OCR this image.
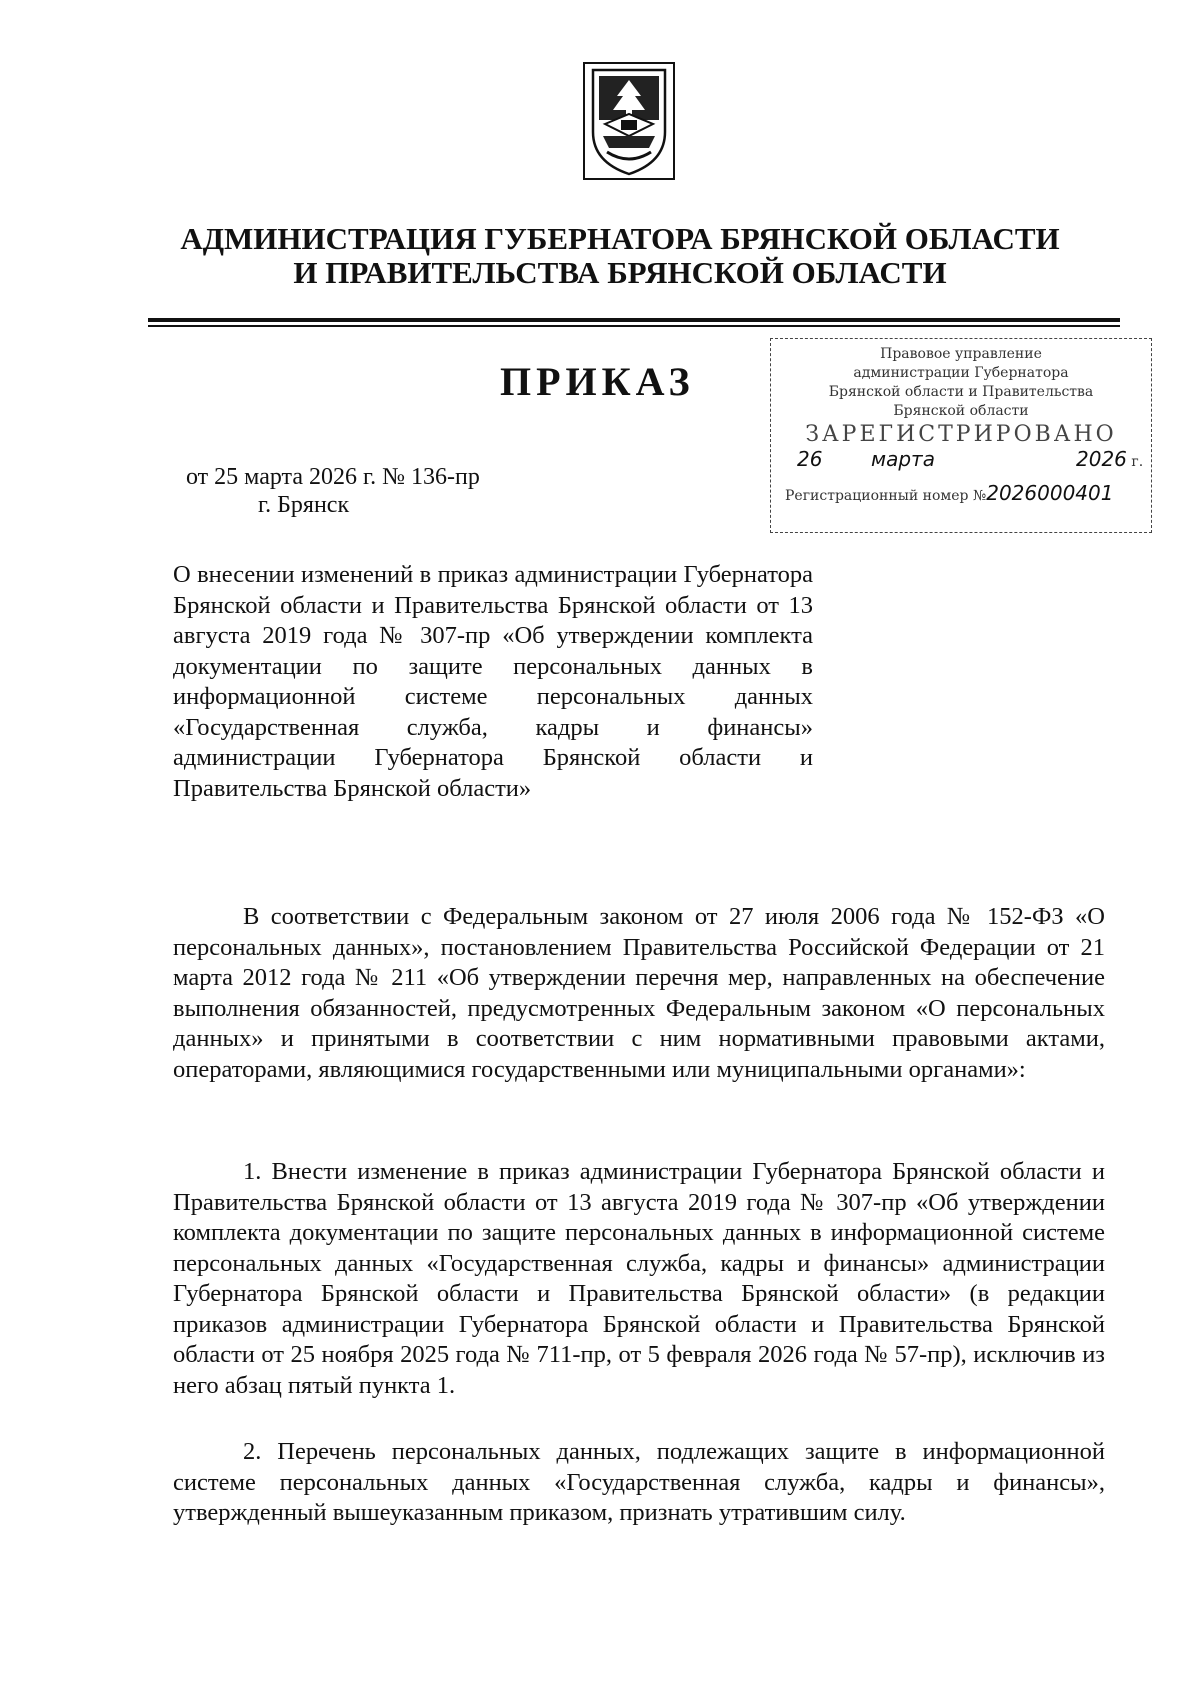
АДМИНИСТРАЦИЯ ГУБЕРНАТОРА БРЯНСКОЙ ОБЛАСТИ
И ПРАВИТЕЛЬСТВА БРЯНСКОЙ ОБЛАСТИ
ПРИКАЗ
Правовое управление
администрации Губернатора
Брянской области и Правительства
Брянской области
ЗАРЕГИСТРИРОВАНО
26 марта	2026 г.
Регистрационный номер №2026000401
от 25 марта 2026 г. № 136-пр
г. Брянск
О внесении изменений в приказ администрации Губернатора Брянской области и Правительства Брянской области от 13 августа 2019 года № 307-пр «Об утверждении комплекта документации по защите персональных данных в информационной системе персональных данных «Государственная служба, кадры и финансы» администрации Губернатора Брянской области и Правительства Брянской области»

В соответствии с Федеральным законом от 27 июля 2006 года № 152-ФЗ «О персональных данных», постановлением Правительства Российской Федерации от 21 марта 2012 года № 211 «Об утверждении перечня мер, направленных на обеспечение выполнения обязанностей, предусмотренных Федеральным законом «О персональных данных» и принятыми в соответствии с ним нормативными правовыми актами, операторами, являющимися государственными или муниципальными органами»:

1. Внести изменение в приказ администрации Губернатора Брянской области и Правительства Брянской области от 13 августа 2019 года № 307-пр «Об утверждении комплекта документации по защите персональных данных в информационной системе персональных данных «Государственная служба, кадры и финансы» администрации Губернатора Брянской области и Правительства Брянской области» (в редакции приказов администрации Губернатора Брянской области и Правительства Брянской области от 25 ноября 2025 года № 711-пр, от 5 февраля 2026 года № 57-пр), исключив из него абзац пятый пункта 1.

2. Перечень персональных данных, подлежащих защите в информационной системе персональных данных «Государственная служба, кадры и финансы», утвержденный вышеуказанным приказом, признать утратившим силу.
